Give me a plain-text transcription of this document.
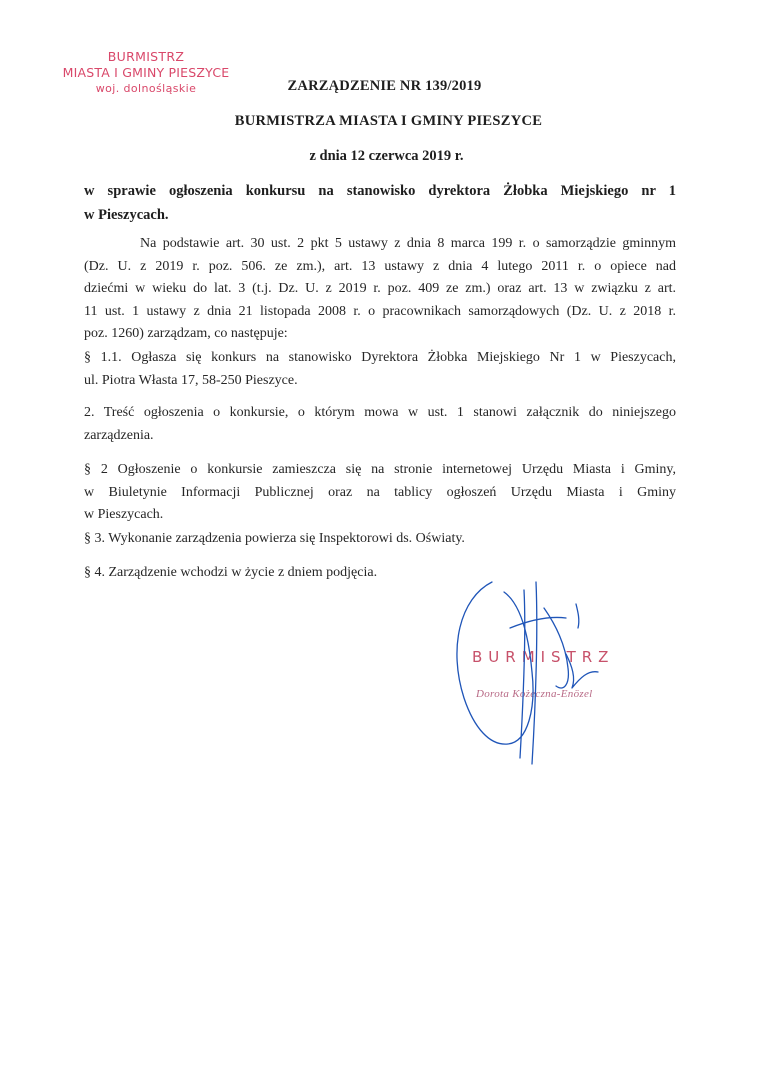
BURMISTRZ
MIASTA I GMINY PIESZYCE
woj. dolnośląskie	ZARZĄDZENIE NR 139/2019
BURMISTRZA MIASTA I GMINY PIESZYCE
z dnia 12 czerwca 2019 r.
w sprawie ogłoszenia konkursu na stanowisko dyrektora Żłobka Miejskiego nr 1
w Pieszycach.
Na podstawie art. 30 ust. 2 pkt 5 ustawy z dnia 8 marca 199 r. o samorządzie gminnym
(Dz. U. z 2019 r. poz. 506. ze zm.), art. 13 ustawy z dnia 4 lutego 2011 r. o opiece nad
dziećmi w wieku do lat. 3 (t.j. Dz. U. z 2019 r. poz. 409 ze zm.) oraz art. 13 w związku z art.
11 ust. 1 ustawy z dnia 21 listopada 2008 r. o pracownikach samorządowych (Dz. U. z 2018 r.
poz. 1260) zarządzam, co następuje:
§ 1.1. Ogłasza się konkurs na stanowisko Dyrektora Żłobka Miejskiego Nr 1 w Pieszycach,
ul. Piotra Własta 17, 58-250 Pieszyce.
2. Treść ogłoszenia o konkursie, o którym mowa w ust. 1 stanowi załącznik do niniejszego
zarządzenia.
§ 2 Ogłoszenie o konkursie zamieszcza się na stronie internetowej Urzędu Miasta i Gminy,
w Biuletynie Informacji Publicznej oraz na tablicy ogłoszeń Urzędu Miasta i Gminy
w Pieszycach.
§ 3. Wykonanie zarządzenia powierza się Inspektorowi ds. Oświaty.
§ 4. Zarządzenie wchodzi w życie z dniem podjęcia.
BURMISTRZ
Dorota Kożeczna-Enözel
